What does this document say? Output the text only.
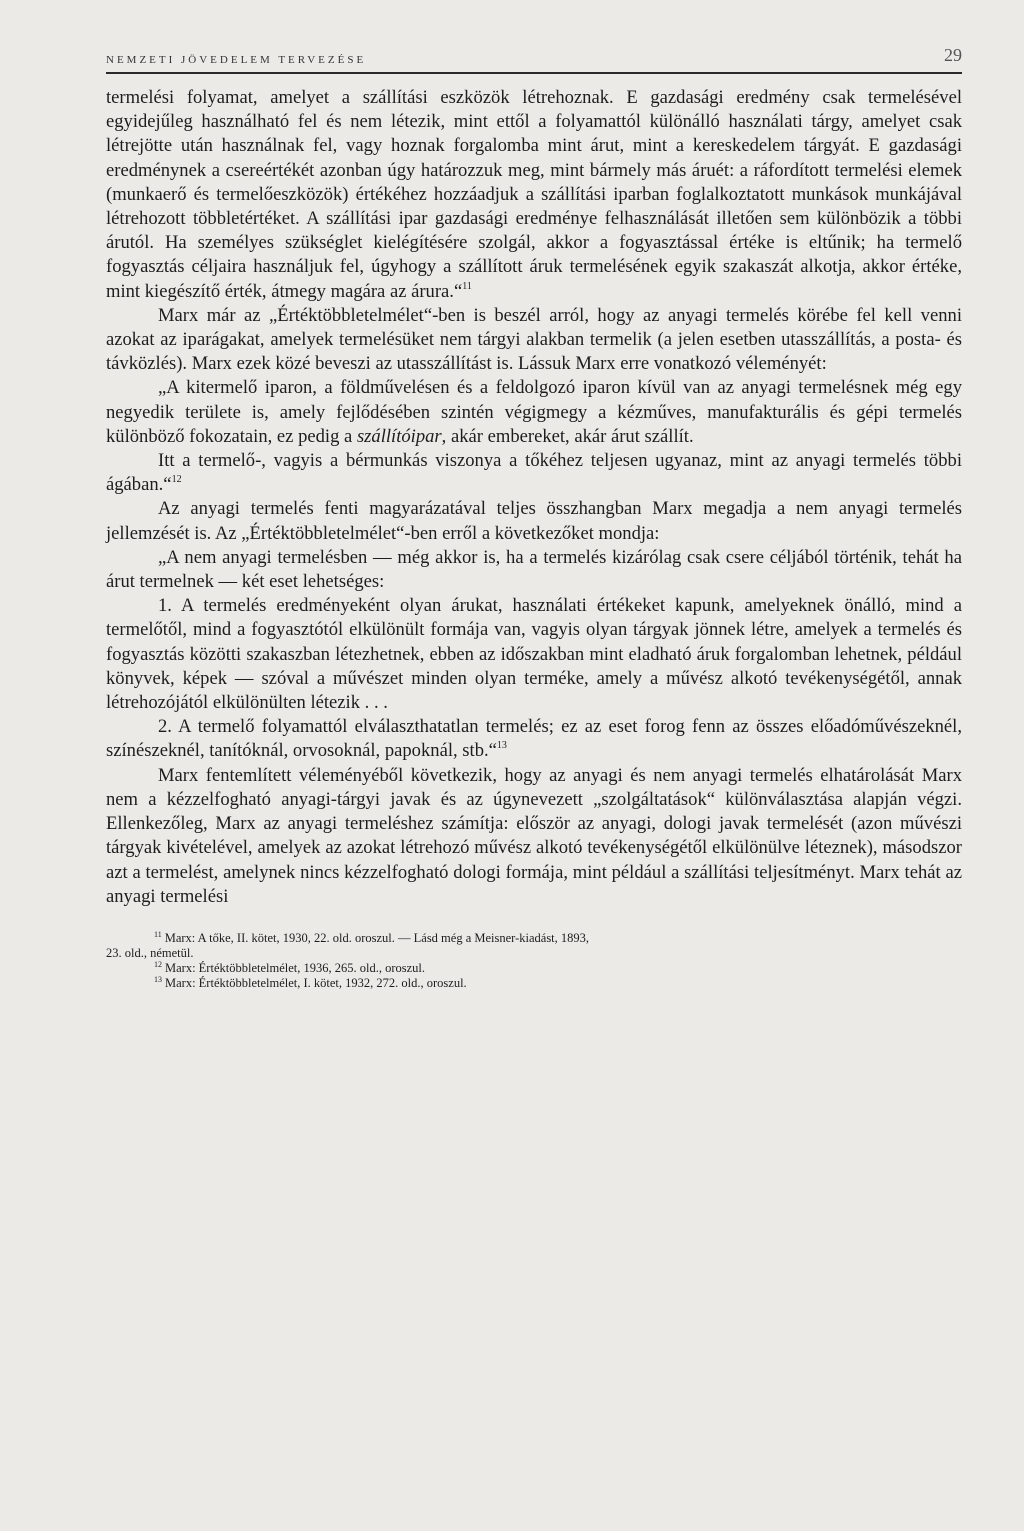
NEMZETI JÖVEDELEM TERVEZÉSE	29

termelési folyamat, amelyet a szállítási eszközök létrehoznak. E gazdasági eredmény csak termelésével egyidejűleg használható fel és nem létezik, mint ettől a folyamattól különálló használati tárgy, amelyet csak létrejötte után használnak fel, vagy hoznak forgalomba mint árut, mint a kereskedelem tárgyát. E gazdasági eredménynek a csereértékét azonban úgy határozzuk meg, mint bármely más áruét: a ráfordított termelési elemek (munkaerő és termelőeszközök) értékéhez hozzáadjuk a szállítási iparban foglalkoztatott munkások munkájával létrehozott többletértéket. A szállítási ipar gazdasági eredménye felhasználását illetően sem különbözik a többi árutól. Ha személyes szükséglet kielégítésére szolgál, akkor a fogyasztással értéke is eltűnik; ha termelő fogyasztás céljaira használjuk fel, úgyhogy a szállított áruk termelésének egyik szakaszát alkotja, akkor értéke, mint kiegészítő érték, átmegy magára az árura.“$^{11}$

Marx már az „Értéktöbbletelmélet“-ben is beszél arról, hogy az anyagi termelés körébe fel kell venni azokat az iparágakat, amelyek termelésüket nem tárgyi alakban termelik (a jelen esetben utasszállítás, a posta- és távközlés). Marx ezek közé beveszi az utasszállítást is. Lássuk Marx erre vonatkozó véleményét:

„A kitermelő iparon, a földművelésen és a feldolgozó iparon kívül van az anyagi termelésnek még egy negyedik területe is, amely fejlődésében szintén végigmegy a kézműves, manufakturális és gépi termelés különböző fokozatain, ez pedig a szállítóipar, akár embereket, akár árut szállít.

Itt a termelő-, vagyis a bérmunkás viszonya a tőkéhez teljesen ugyanaz, mint az anyagi termelés többi ágában.“$^{12}$

Az anyagi termelés fenti magyarázatával teljes összhangban Marx megadja a nem anyagi termelés jellemzését is. Az „Értéktöbbletelmélet“-ben erről a következőket mondja:

„A nem anyagi termelésben — még akkor is, ha a termelés kizárólag csak csere céljából történik, tehát ha árut termelnek — két eset lehetséges:

1. A termelés eredményeként olyan árukat, használati értékeket kapunk, amelyeknek önálló, mind a termelőtől, mind a fogyasztótól elkülönült formája van, vagyis olyan tárgyak jönnek létre, amelyek a termelés és fogyasztás közötti szakaszban létezhetnek, ebben az időszakban mint eladható áruk forgalomban lehetnek, például könyvek, képek — szóval a művészet minden olyan terméke, amely a művész alkotó tevékenységétől, annak létrehozójától elkülönülten létezik . . .

2. A termelő folyamattól elválaszthatatlan termelés; ez az eset forog fenn az összes előadóművészeknél, színészeknél, tanítóknál, orvosoknál, papoknál, stb.“$^{13}$

Marx fentemlített véleményéből következik, hogy az anyagi és nem anyagi termelés elhatárolását Marx nem a kézzelfogható anyagi-tárgyi javak és az úgynevezett „szolgáltatások“ különválasztása alapján végzi. Ellenkezőleg, Marx az anyagi termeléshez számítja: először az anyagi, dologi javak termelését (azon művészi tárgyak kivételével, amelyek az azokat létrehozó művész alkotó tevékenységétől elkülönülve léteznek), másodszor azt a termelést, amelynek nincs kézzelfogható dologi formája, mint például a szállítási teljesítményt. Marx tehát az anyagi termelési

$^{11}$ Marx: A tőke, II. kötet, 1930, 22. old. oroszul. — Lásd még a Meisner-kiadást, 1893,

23. old., németül.

$^{12}$ Marx: Értéktöbbletelmélet, 1936, 265. old., oroszul.

$^{13}$ Marx: Értéktöbbletelmélet, I. kötet, 1932, 272. old., oroszul.
